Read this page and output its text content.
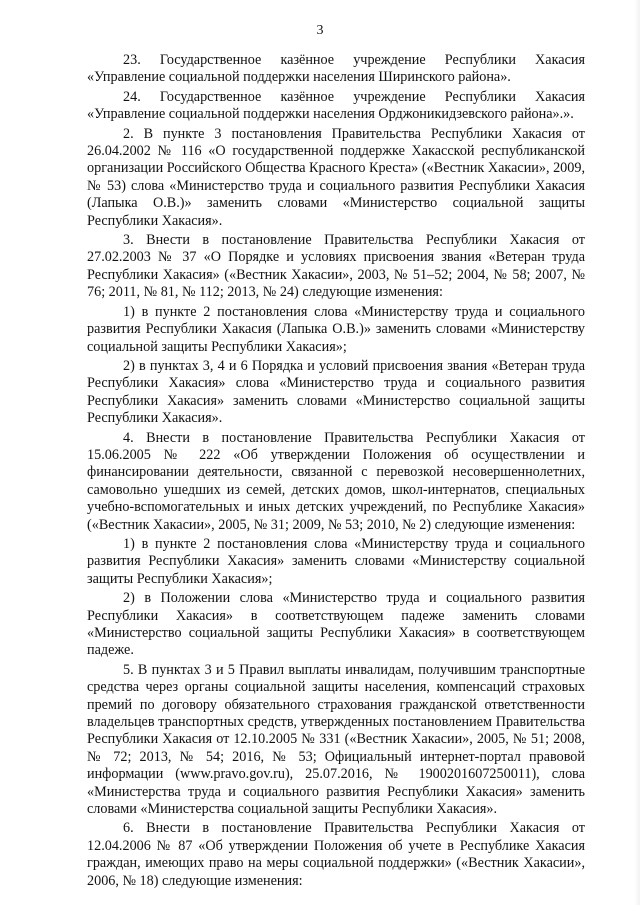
3

23. Государственное казённое учреждение Республики Хакасия «Управление социальной поддержки населения Ширинского района».

24. Государственное казённое учреждение Республики Хакасия «Управление социальной поддержки населения Орджоникидзевского района».».

2. В пункте 3 постановления Правительства Республики Хакасия от 26.04.2002 № 116 «О государственной поддержке Хакасской республиканской организации Российского Общества Красного Креста» («Вестник Хакасии», 2009, № 53) слова «Министерство труда и социального развития Республики Хакасия (Лапыка О.В.)» заменить словами «Министерство социальной защиты Республики Хакасия».

3. Внести в постановление Правительства Республики Хакасия от 27.02.2003 № 37 «О Порядке и условиях присвоения звания «Ветеран труда Республики Хакасия» («Вестник Хакасии», 2003, № 51–52; 2004, № 58; 2007, № 76; 2011, № 81, № 112; 2013, № 24) следующие изменения:

1) в пункте 2 постановления слова «Министерству труда и социального развития Республики Хакасия (Лапыка О.В.)» заменить словами «Министерству социальной защиты Республики Хакасия»;

2) в пунктах 3, 4 и 6 Порядка и условий присвоения звания «Ветеран труда Республики Хакасия» слова «Министерство труда и социального развития Республики Хакасия» заменить словами «Министерство социальной защиты Республики Хакасия».

4. Внести в постановление Правительства Республики Хакасия от 15.06.2005 № 222 «Об утверждении Положения об осуществлении и финансировании деятельности, связанной с перевозкой несовершеннолетних, самовольно ушедших из семей, детских домов, школ-интернатов, специальных учебно-вспомогательных и иных детских учреждений, по Республике Хакасия» («Вестник Хакасии», 2005, № 31; 2009, № 53; 2010, № 2) следующие изменения:

1) в пункте 2 постановления слова «Министерству труда и социального развития Республики Хакасия» заменить словами «Министерству социальной защиты Республики Хакасия»;

2) в Положении слова «Министерство труда и социального развития Республики Хакасия» в соответствующем падеже заменить словами «Министерство социальной защиты Республики Хакасия» в соответствующем падеже.

5. В пунктах 3 и 5 Правил выплаты инвалидам, получившим транспортные средства через органы социальной защиты населения, компенсаций страховых премий по договору обязательного страхования гражданской ответственности владельцев транспортных средств, утвержденных постановлением Правительства Республики Хакасия от 12.10.2005 № 331 («Вестник Хакасии», 2005, № 51; 2008, № 72; 2013, № 54; 2016, № 53; Официальный интернет-портал правовой информации (www.pravo.gov.ru), 25.07.2016, № 1900201607250011), слова «Министерства труда и социального развития Республики Хакасия» заменить словами «Министерства социальной защиты Республики Хакасия».

6. Внести в постановление Правительства Республики Хакасия от 12.04.2006 № 87 «Об утверждении Положения об учете в Республике Хакасия граждан, имеющих право на меры социальной поддержки» («Вестник Хакасии», 2006, № 18) следующие изменения:
